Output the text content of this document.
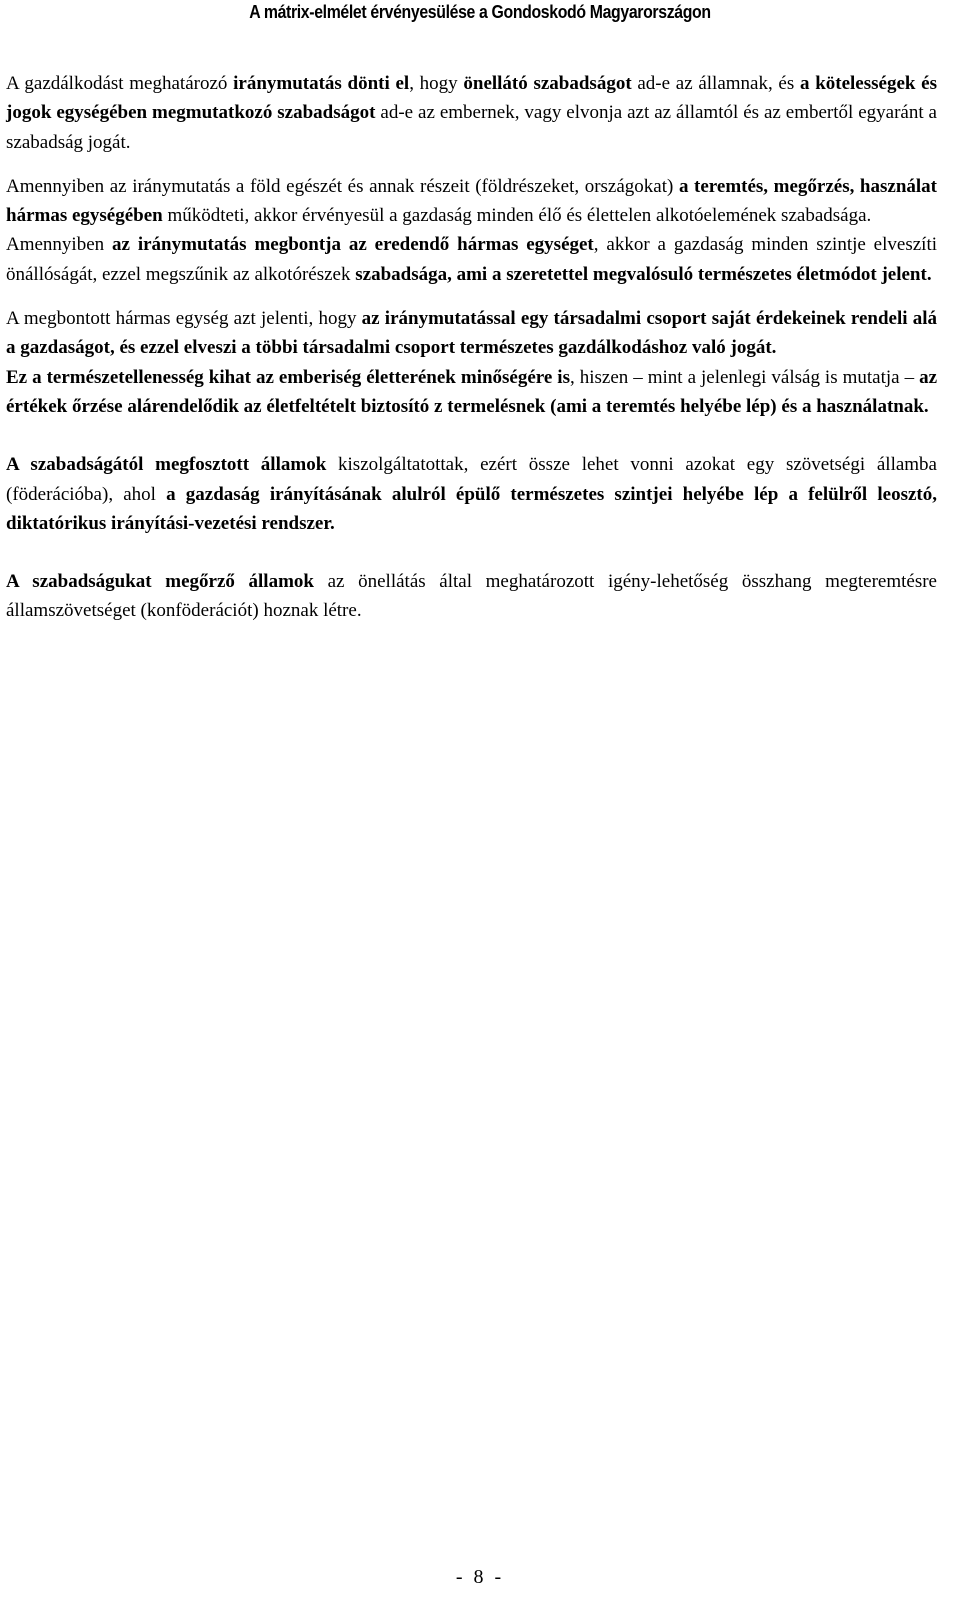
A mátrix-elmélet érvényesülése a Gondoskodó Magyarországon

A gazdálkodást meghatározó iránymutatás dönti el, hogy önellátó szabadságot ad-e az államnak, és a kötelességek és jogok egységében megmutatkozó szabadságot ad-e az embernek, vagy elvonja azt az államtól és az embertől egyaránt a szabadság jogát.

Amennyiben az iránymutatás a föld egészét és annak részeit (földrészeket, országokat) a teremtés, megőrzés, használat hármas egységében működteti, akkor érvényesül a gazdaság minden élő és élettelen alkotóelemének szabadsága.

Amennyiben az iránymutatás megbontja az eredendő hármas egységet, akkor a gazdaság minden szintje elveszíti önállóságát, ezzel megszűnik az alkotórészek szabadsága, ami a szeretettel megvalósuló természetes életmódot jelent.

A megbontott hármas egység azt jelenti, hogy az iránymutatással egy társadalmi csoport saját érdekeinek rendeli alá a gazdaságot, és ezzel elveszi a többi társadalmi csoport természetes gazdálkodáshoz való jogát.

Ez a természetellenesség kihat az emberiség életterének minőségére is, hiszen – mint a jelenlegi válság is mutatja – az értékek őrzése alárendelődik az életfeltételt biztosító z termelésnek (ami a teremtés helyébe lép) és a használatnak.

A szabadságától megfosztott államok kiszolgáltatottak, ezért össze lehet vonni azokat egy szövetségi államba (föderációba), ahol a gazdaság irányításának alulról épülő természetes szintjei helyébe lép a felülről leosztó, diktatórikus irányítási-vezetési rendszer.

A szabadságukat megőrző államok az önellátás által meghatározott igény-lehetőség összhang megteremtésre államszövetséget (konföderációt) hoznak létre.

- 8 -
